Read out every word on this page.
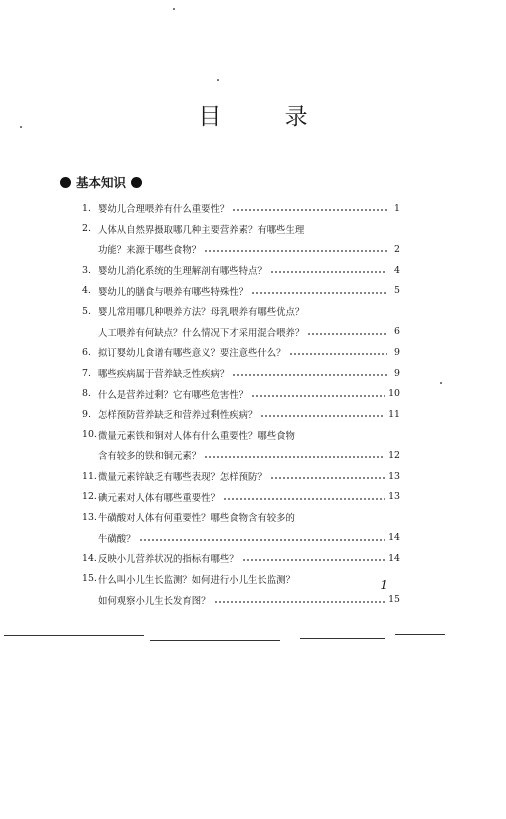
目 录
基本知识
1. 婴幼儿合理喂养有什么重要性？	1
2. 人体从自然界摄取哪几种主要营养素？有哪些生理
功能？来源于哪些食物？	2
3. 婴幼儿消化系统的生理解剖有哪些特点？	4
4. 婴幼儿的膳食与喂养有哪些特殊性？	5
5. 婴儿常用哪几种喂养方法？母乳喂养有哪些优点？
人工喂养有何缺点？什么情况下才采用混合喂养？	6
6. 拟订婴幼儿食谱有哪些意义？要注意些什么？	9
7. 哪些疾病属于营养缺乏性疾病？	9
8. 什么是营养过剩？它有哪些危害性？	10
9. 怎样预防营养缺乏和营养过剩性疾病？	11
10. 微量元素铁和铜对人体有什么重要性？哪些食物
含有较多的铁和铜元素？	12
11. 微量元素锌缺乏有哪些表现？怎样预防？	13
12. 碘元素对人体有哪些重要性？	13
13. 牛磺酸对人体有何重要性？哪些食物含有较多的
牛磺酸？	14
14. 反映小儿营养状况的指标有哪些？	14
15. 什么叫小儿生长监测？如何进行小儿生长监测？
如何观察小儿生长发育图？	15
1
